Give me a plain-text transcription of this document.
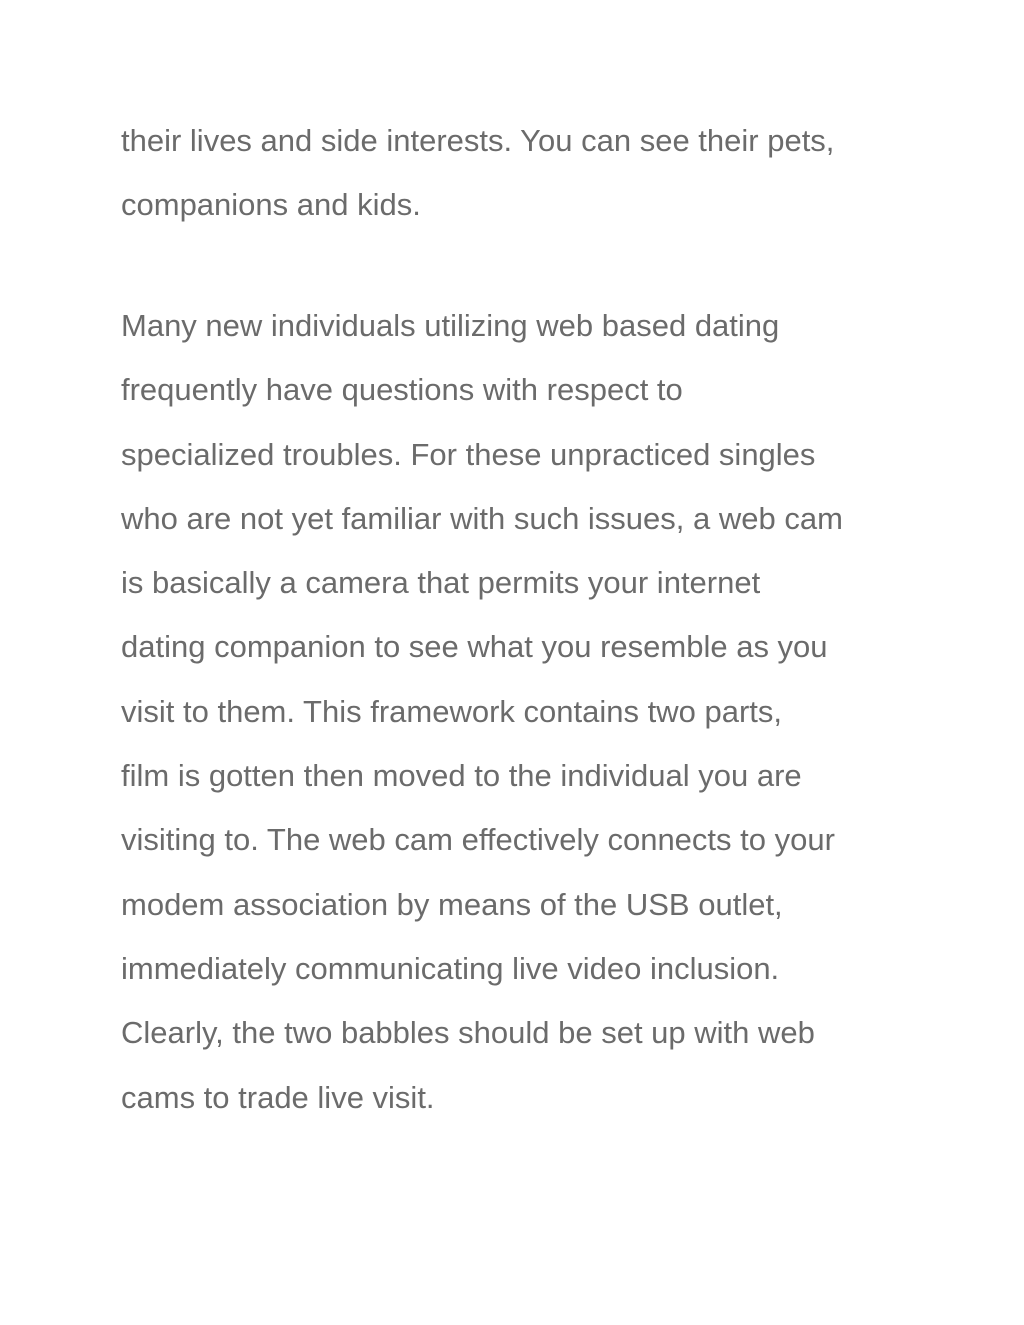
their lives and side interests. You can see their pets,
companions and kids.

Many new individuals utilizing web based dating
frequently have questions with respect to
specialized troubles. For these unpracticed singles
who are not yet familiar with such issues, a web cam
is basically a camera that permits your internet
dating companion to see what you resemble as you
visit to them. This framework contains two parts,
film is gotten then moved to the individual you are
visiting to. The web cam effectively connects to your
modem association by means of the USB outlet,
immediately communicating live video inclusion.
Clearly, the two babbles should be set up with web
cams to trade live visit.
